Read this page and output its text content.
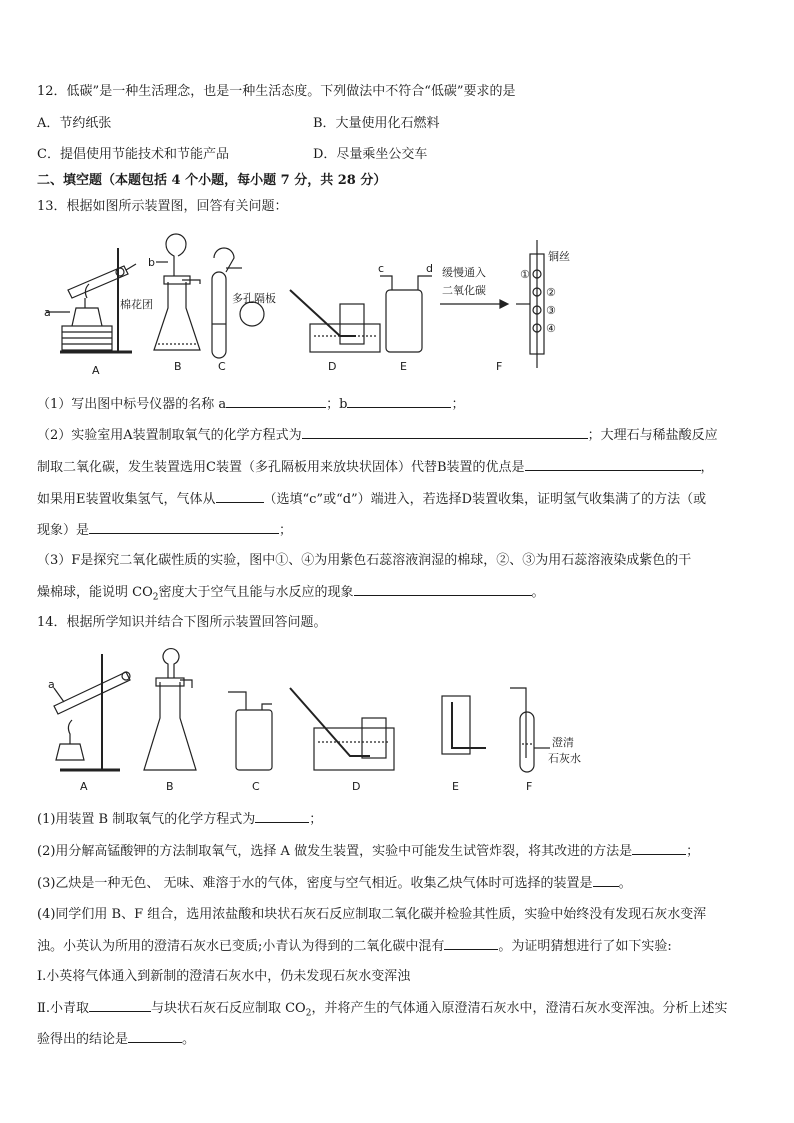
12．低碳”是一种生活理念，也是一种生活态度。下列做法中不符合“低碳”要求的是
A．节约纸张	B．大量使用化石燃料
C．提倡使用节能技术和节能产品	D．尽量乘坐公交车
二、填空题（本题包括 4 个小题，每小题 7 分，共 28 分）
13．根据如图所示装置图，回答有关问题：
a
棉花团
b
多孔隔板
c	d 缓慢通入
二氧化碳
铜丝
①
②
③
④
A	B	C	D	E	F
（1）写出图中标号仪器的名称 a	；b	；
（2）实验室用A装置制取氧气的化学方程式为	；大理石与稀盐酸反应
制取二氧化碳，发生装置选用C装置（多孔隔板用来放块状固体）代替B装置的优点是	，
如果用E装置收集氢气，气体从	（选填“c”或“d”）端进入，若选择D装置收集，证明氢气收集满了的方法（或
现象）是	；
（3）F是探究二氧化碳性质的实验，图中①、④为用紫色石蕊溶液润湿的棉球，②、③为用石蕊溶液染成紫色的干
燥棉球，能说明 $CO_2$密度大于空气且能与水反应的现象	。
14．根据所学知识并结合下图所示装置回答问题。
a
澄清
石灰水
A	B	C	D	E	F
(1)用装置 B 制取氧气的化学方程式为	；
(2)用分解高锰酸钾的方法制取氧气，选择 A 做发生装置，实验中可能发生试管炸裂，将其改进的方法是	；
(3)乙炔是一种无色、 无味、难溶于水的气体，密度与空气相近。收集乙炔气体时可选择的装置是 。
(4)同学们用 B、F 组合，选用浓盐酸和块状石灰石反应制取二氧化碳并检验其性质，实验中始终没有发现石灰水变浑
浊。小英认为所用的澄清石灰水已变质;小青认为得到的二氧化碳中混有	。为证明猜想进行了如下实验:
Ⅰ.小英将气体通入到新制的澄清石灰水中，仍未发现石灰水变浑浊
Ⅱ.小青取	与块状石灰石反应制取 $CO_2$，并将产生的气体通入原澄清石灰水中，澄清石灰水变浑浊。分析上述实
验得出的结论是	。
